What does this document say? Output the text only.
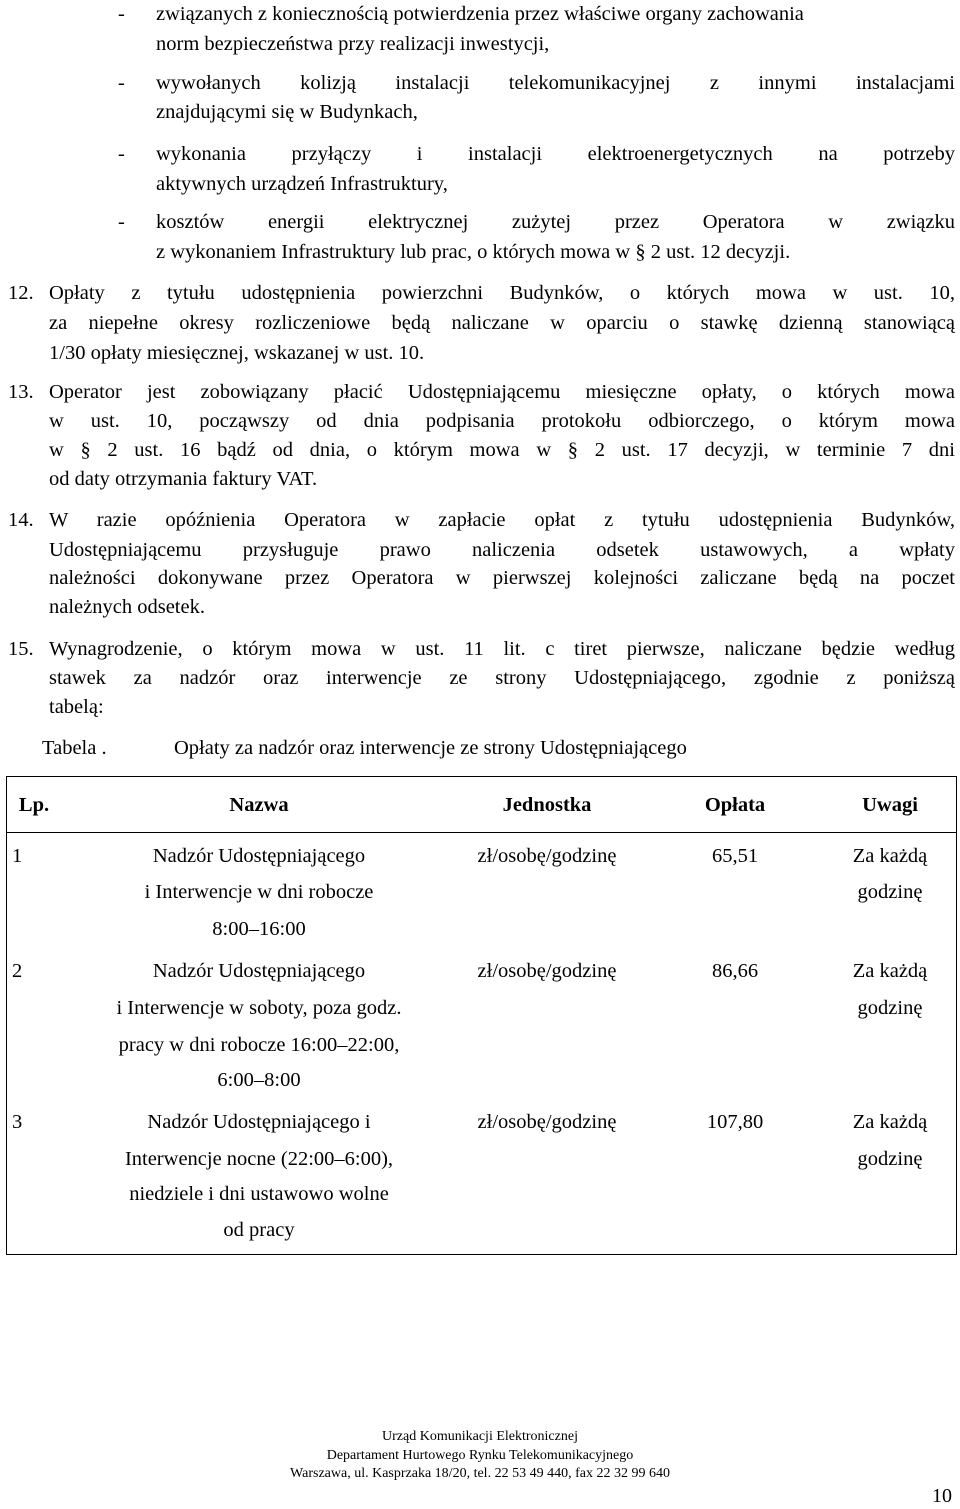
- związanych z koniecznością potwierdzenia przez właściwe organy zachowania
norm bezpieczeństwa przy realizacji inwestycji,
- wywołanych kolizją instalacji telekomunikacyjnej z innymi instalacjami
znajdującymi się w Budynkach,
- wykonania przyłączy i instalacji elektroenergetycznych na potrzeby
aktywnych urządzeń Infrastruktury,
- kosztów energii elektrycznej zużytej przez Operatora w związku
z wykonaniem Infrastruktury lub prac, o których mowa w § 2 ust. 12 decyzji.
12. Opłaty z tytułu udostępnienia powierzchni Budynków, o których mowa w ust. 10,
za niepełne okresy rozliczeniowe będą naliczane w oparciu o stawkę dzienną stanowiącą
1/30 opłaty miesięcznej, wskazanej w ust. 10.
13. Operator jest zobowiązany płacić Udostępniającemu miesięczne opłaty, o których mowa
w ust. 10, począwszy od dnia podpisania protokołu odbiorczego, o którym mowa
w § 2 ust. 16 bądź od dnia, o którym mowa w § 2 ust. 17 decyzji, w terminie 7 dni
od daty otrzymania faktury VAT.
14. W razie opóźnienia Operatora w zapłacie opłat z tytułu udostępnienia Budynków,
Udostępniającemu przysługuje prawo naliczenia odsetek ustawowych, a wpłaty
należności dokonywane przez Operatora w pierwszej kolejności zaliczane będą na poczet
należnych odsetek.
15. Wynagrodzenie, o którym mowa w ust. 11 lit. c tiret pierwsze, naliczane będzie według
stawek za nadzór oraz interwencje ze strony Udostępniającego, zgodnie z poniższą
tabelą:
Tabela .	Opłaty za nadzór oraz interwencje ze strony Udostępniającego
Lp.	Nazwa	Jednostka	Opłata	Uwagi
1	Nadzór Udostępniającego
i Interwencje w dni robocze
8:00–16:00
zł/osobę/godzinę	65,51	Za każdą
godzinę
2	Nadzór Udostępniającego
i Interwencje w soboty, poza godz.
pracy w dni robocze 16:00–22:00,
6:00–8:00
zł/osobę/godzinę	86,66	Za każdą
godzinę
3	Nadzór Udostępniającego i
Interwencje nocne (22:00–6:00),
niedziele i dni ustawowo wolne
od pracy
zł/osobę/godzinę	107,80	Za każdą
godzinę
Urząd Komunikacji Elektronicznej
Departament Hurtowego Rynku Telekomunikacyjnego
Warszawa, ul. Kasprzaka 18/20, tel. 22 53 49 440, fax 22 32 99 640
10
